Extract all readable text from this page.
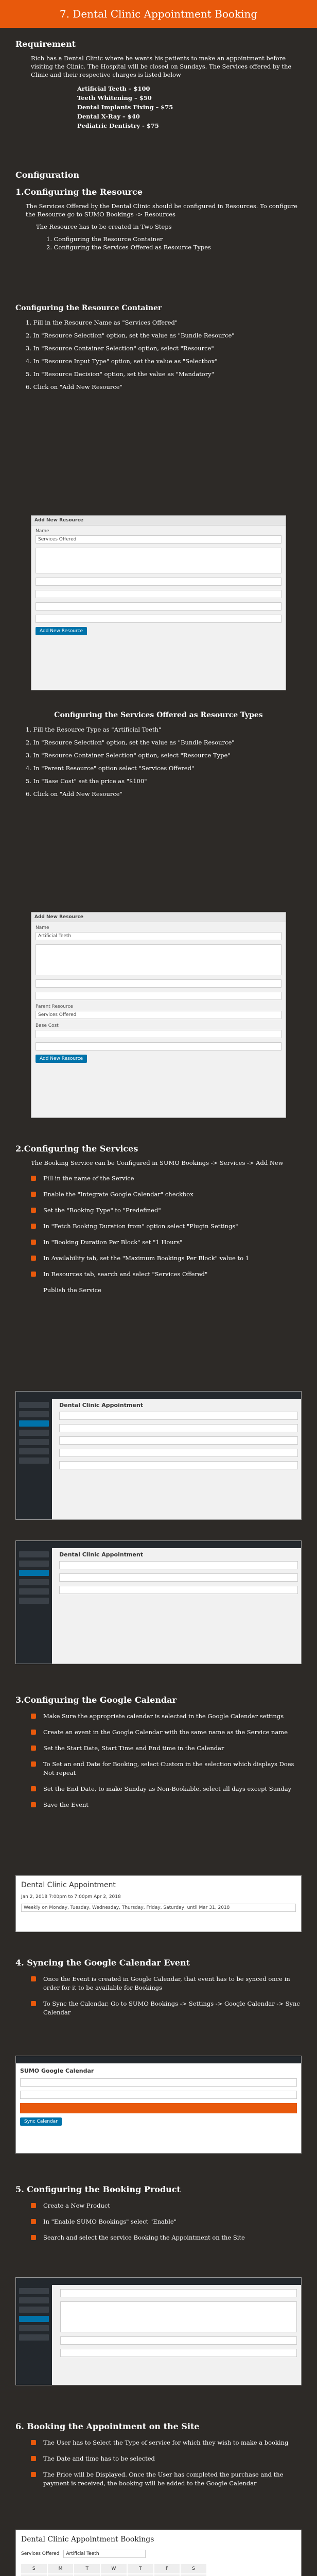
7. Dental Clinic Appointment Booking
Requirement

Rich has a Dental Clinic where he wants his patients to make an appointment before visiting the Clinic. The Hospital will be closed on Sundays. The Services offered by the Clinic and their respective charges is listed below

Artificial Teeth – $100
Teeth Whitening – $50
Dental Implants Fixing – $75
Dental X-Ray – $40
Pediatric Dentistry - $75
Configuration
1.Configuring the Resource

The Services Offered by the Dental Clinic should be configured in Resources. To configure the Resource go to SUMO Bookings -> Resources

The Resource has to be created in Two Steps

1. Configuring the Resource Container

2. Configuring the Services Offered as Resource Types

Configuring the Resource Container
1. Fill in the Resource Name as "Services Offered"
2. In "Resource Selection" option, set the value as "Bundle Resource"
3. In "Resource Container Selection" option, select "Resource"
4. In "Resource Input Type" option, set the value as "Selectbox"
5. In "Resource Decision" option, set the value as "Mandatory"
6. Click on "Add New Resource"
Add New Resource
Name
Services Offered
Add New Resource
Configuring the Services Offered as Resource Types
1. Fill the Resource Type as "Artificial Teeth"
2. In "Resource Selection" option, set the value as "Bundle Resource"
3. In "Resource Container Selection" option, select "Resource Type"
4. In "Parent Resource" option select "Services Offered"
5. In "Base Cost" set the price as "$100"
6. Click on "Add New Resource"
Add New Resource
Name
Artificial Teeth
Parent Resource
Services Offered
Base Cost
Add New Resource
2.Configuring the Services

The Booking Service can be Configured in SUMO Bookings -> Services -> Add New

Fill in the name of the Service
Enable the "Integrate Google Calendar" checkbox
Set the "Booking Type" to "Predefined"
In "Fetch Booking Duration from" option select "Plugin Settings"
In "Booking Duration Per Block" set "1 Hours"
In Availability tab, set the "Maximum Bookings Per Block" value to 1
In Resources tab, search and select "Services Offered"

Publish the Service

Dental Clinic Appointment
Dental Clinic Appointment
3.Configuring the Google Calendar
Make Sure the appropriate calendar is selected in the Google Calendar settings
Create an event in the Google Calendar with the same name as the Service name
Set the Start Date, Start Time and End time in the Calendar
To Set an end Date for Booking, select Custom in the selection which displays Does Not repeat
Set the End Date, to make Sunday as Non-Bookable, select all days except Sunday
Save the Event
Dental Clinic Appointment
Jan 2, 2018 7:00pm to 7:00pm Apr 2, 2018
Weekly on Monday, Tuesday, Wednesday, Thursday, Friday, Saturday, until Mar 31, 2018
4. Syncing the Google Calendar Event
Once the Event is created in Google Calendar, that event has to be synced once in order for it to be available for Bookings
To Sync the Calendar, Go to SUMO Bookings -> Settings -> Google Calendar -> Sync Calendar
SUMO Google Calendar
Sync Calendar
5. Configuring the Booking Product
Create a New Product
In "Enable SUMO Bookings" select "Enable"
Search and select the service Booking the Appointment on the Site
6. Booking the Appointment on the Site
The User has to Select the Type of service for which they wish to make a booking
The Date and time has to be selected
The Price will be Displayed. Once the User has completed the purchase and the payment is received, the booking will be added to the Google Calendar
Dental Clinic Appointment Bookings
Services Offered	Artificial Teeth
S	M	T	W	T	F	S
